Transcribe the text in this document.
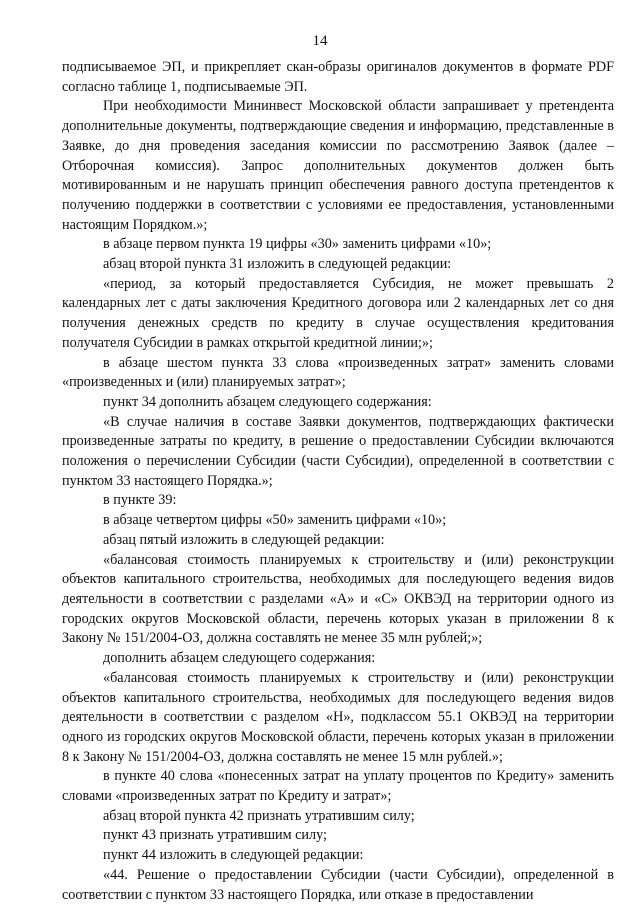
14

подписываемое ЭП, и прикрепляет скан-образы оригиналов документов в формате PDF согласно таблице 1, подписываемые ЭП.

При необходимости Мининвест Московской области запрашивает у претендента дополнительные документы, подтверждающие сведения и информацию, представленные в Заявке, до дня проведения заседания комиссии по рассмотрению Заявок (далее – Отборочная комиссия). Запрос дополнительных документов должен быть мотивированным и не нарушать принцип обеспечения равного доступа претендентов к получению поддержки в соответствии с условиями ее предоставления, установленными настоящим Порядком.»;

в абзаце первом пункта 19 цифры «30» заменить цифрами «10»;

абзац второй пункта 31 изложить в следующей редакции:

«период, за который предоставляется Субсидия, не может превышать 2 календарных лет с даты заключения Кредитного договора или 2 календарных лет со дня получения денежных средств по кредиту в случае осуществления кредитования получателя Субсидии в рамках открытой кредитной линии;»;

в абзаце шестом пункта 33 слова «произведенных затрат» заменить словами «произведенных и (или) планируемых затрат»;

пункт 34 дополнить абзацем следующего содержания:

«В случае наличия в составе Заявки документов, подтверждающих фактически произведенные затраты по кредиту, в решение о предоставлении Субсидии включаются положения о перечислении Субсидии (части Субсидии), определенной в соответствии с пунктом 33 настоящего Порядка.»;

в пункте 39:

в абзаце четвертом цифры «50» заменить цифрами «10»;

абзац пятый изложить в следующей редакции:

«балансовая стоимость планируемых к строительству и (или) реконструкции объектов капитального строительства, необходимых для последующего ведения видов деятельности в соответствии с разделами «А» и «С» ОКВЭД на территории одного из городских округов Московской области, перечень которых указан в приложении 8 к Закону № 151/2004-ОЗ, должна составлять не менее 35 млн рублей;»;

дополнить абзацем следующего содержания:

«балансовая стоимость планируемых к строительству и (или) реконструкции объектов капитального строительства, необходимых для последующего ведения видов деятельности в соответствии с разделом «Н», подклассом 55.1 ОКВЭД на территории одного из городских округов Московской области, перечень которых указан в приложении 8 к Закону № 151/2004-ОЗ, должна составлять не менее 15 млн рублей.»;

в пункте 40 слова «понесенных затрат на уплату процентов по Кредиту» заменить словами «произведенных затрат по Кредиту и затрат»;

абзац второй пункта 42 признать утратившим силу;

пункт 43 признать утратившим силу;

пункт 44 изложить в следующей редакции:

«44. Решение о предоставлении Субсидии (части Субсидии), определенной в соответствии с пунктом 33 настоящего Порядка, или отказе в предоставлении
